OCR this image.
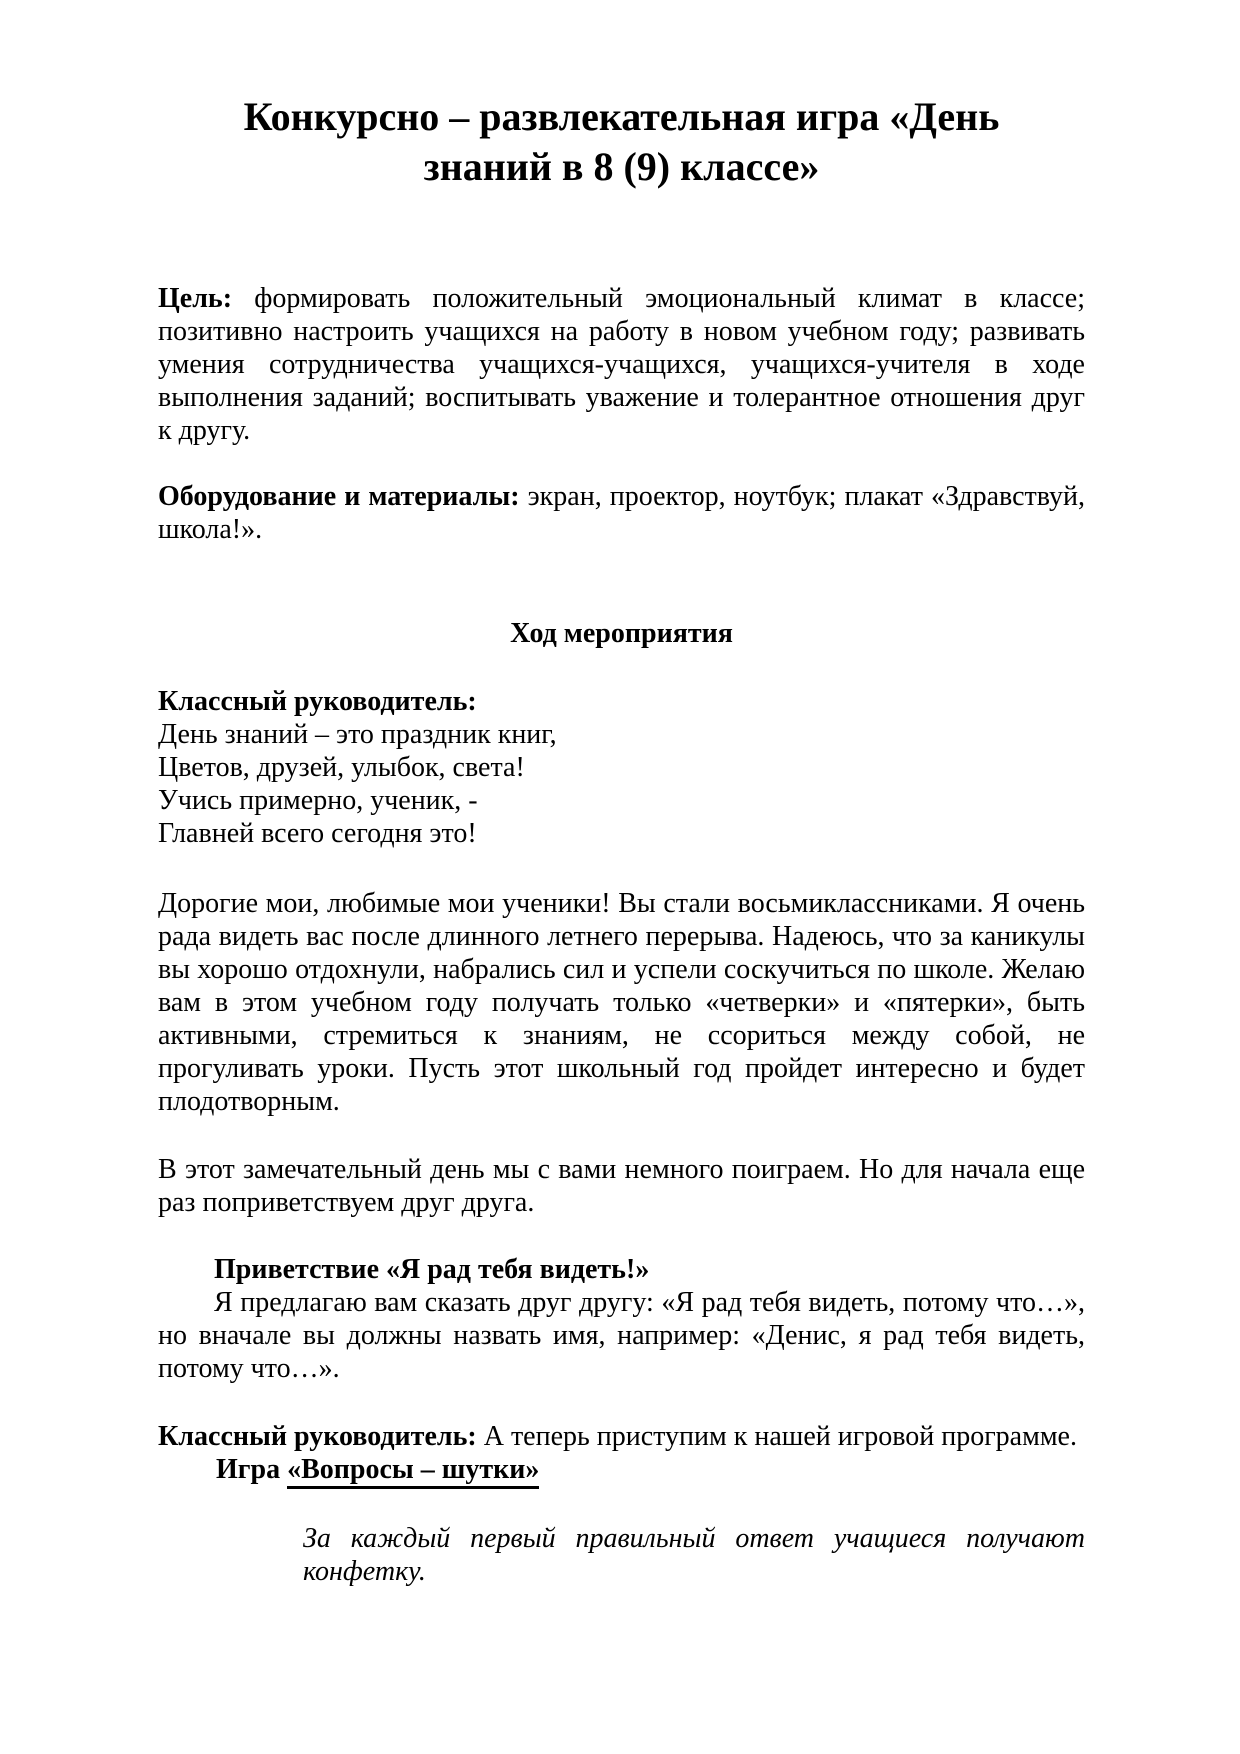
Конкурсно – развлекательная игра «День
знаний в 8 (9) классе»

Цель: формировать положительный эмоциональный климат в классе; позитивно настроить учащихся на работу в новом учебном году; развивать умения сотрудничества учащихся-учащихся, учащихся-учителя в ходе выполнения заданий; воспитывать уважение и толерантное отношения друг к другу.

Оборудование и материалы: экран, проектор, ноутбук; плакат «Здравствуй, школа!».

Ход мероприятия

Классный руководитель:

День знаний – это праздник книг,

Цветов, друзей, улыбок, света!

Учись примерно, ученик, -

Главней всего сегодня это!

Дорогие мои, любимые мои ученики! Вы стали восьмиклассниками. Я очень рада видеть вас после длинного летнего перерыва. Надеюсь, что за каникулы вы хорошо отдохнули, набрались сил и успели соскучиться по школе. Желаю вам в этом учебном году получать только «четверки» и «пятерки», быть активными, стремиться к знаниям, не ссориться между собой, не прогуливать уроки. Пусть этот школьный год пройдет интересно и будет плодотворным.

В этот замечательный день мы с вами немного поиграем. Но для начала еще раз поприветствуем друг друга.

Приветствие «Я рад тебя видеть!»

Я предлагаю вам сказать друг другу: «Я рад тебя видеть, потому что…», но вначале вы должны назвать имя, например: «Денис, я рад тебя видеть, потому что…».

Классный руководитель: А теперь приступим к нашей игровой программе.

Игра «Вопросы – шутки»

За каждый первый правильный ответ учащиеся получают конфетку.
